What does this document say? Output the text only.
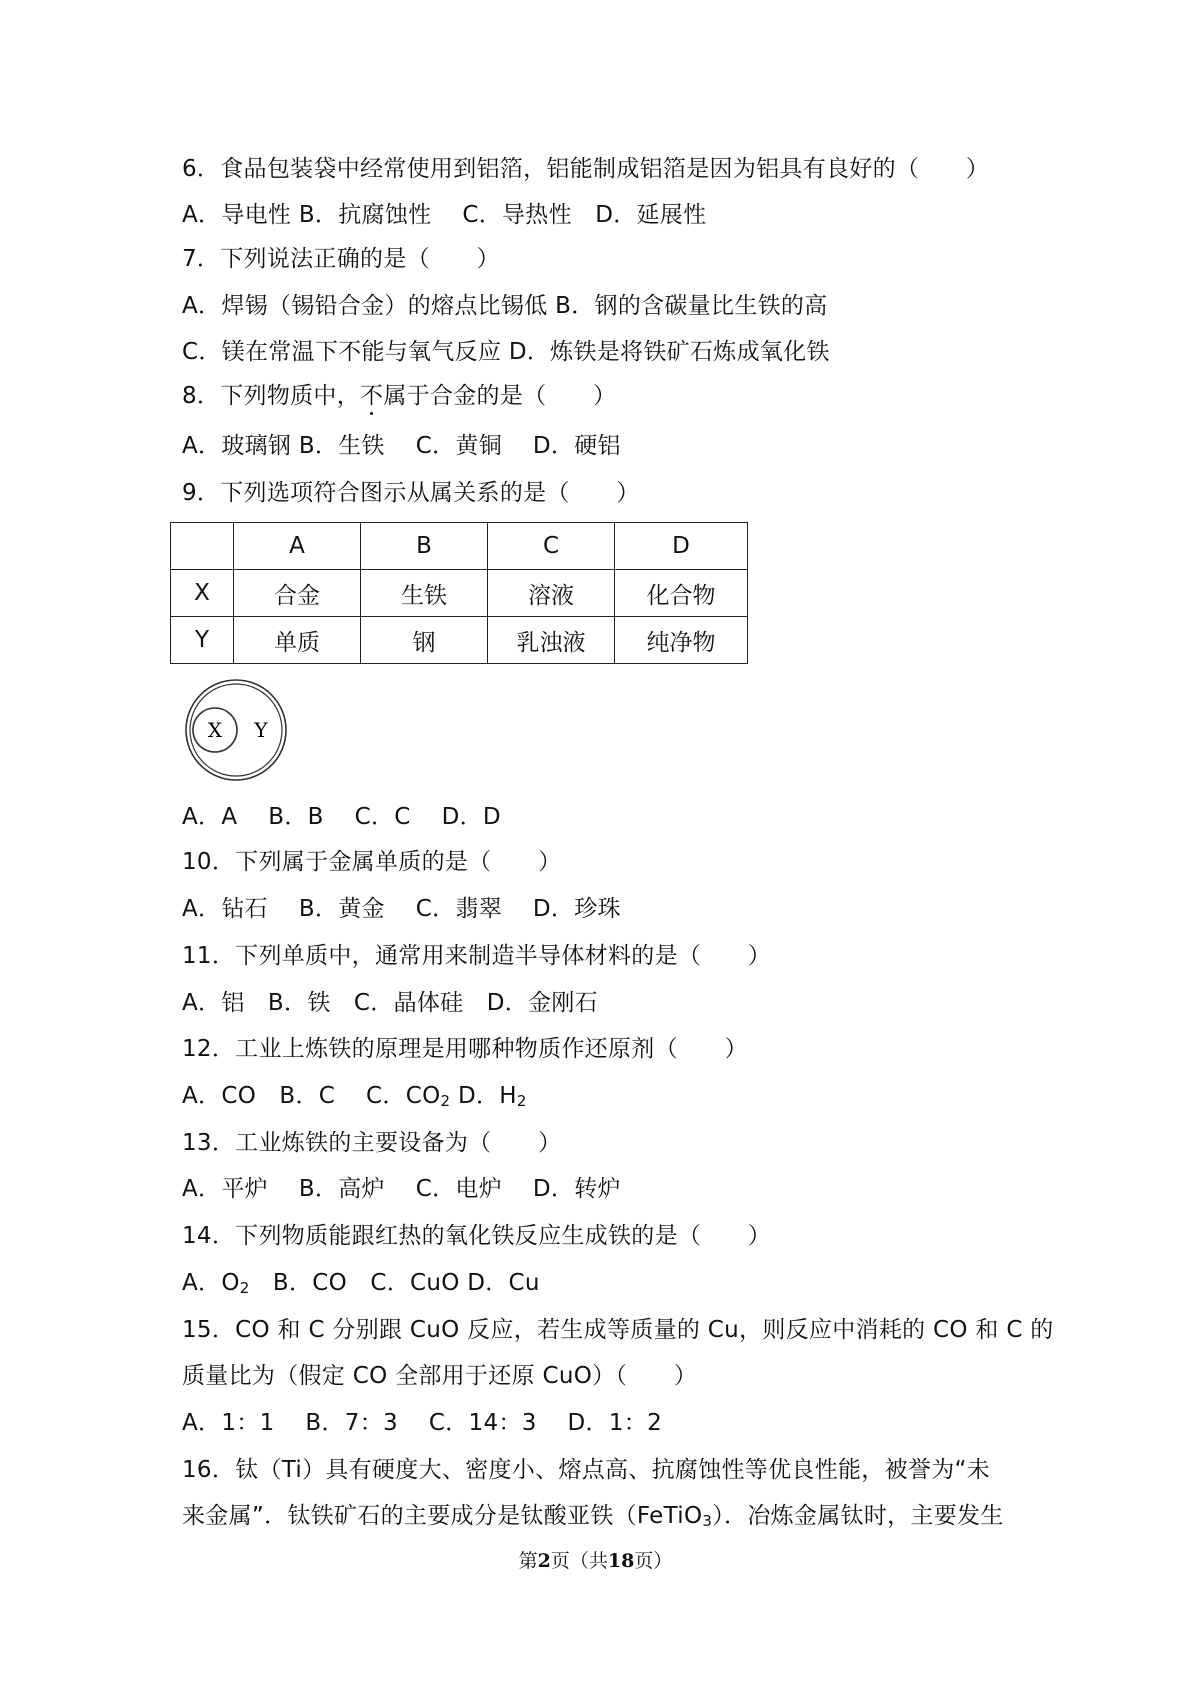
6．食品包装袋中经常使用到铝箔，铝能制成铝箔是因为铝具有良好的（　　）
A．导电性 B．抗腐蚀性　 C．导热性　D．延展性
7．下列说法正确的是（　　）
A．焊锡（锡铅合金）的熔点比锡低 B．钢的含碳量比生铁的高
C．镁在常温下不能与氧气反应 D．炼铁是将铁矿石炼成氧化铁
8．下列物质中，不属于合金的是（　　）
A．玻璃钢 B．生铁　 C．黄铜　 D．硬铝
9．下列选项符合图示从属关系的是（　　）
	A	B	C	D
X	合金	生铁	溶液	化合物
Y	单质	钢	乳浊液	纯净物
X Y
A．A　 B．B　 C．C　 D．D
10．下列属于金属单质的是（　　）
A．钻石　 B．黄金　 C．翡翠　 D．珍珠
11．下列单质中，通常用来制造半导体材料的是（　　）
A．铝　B．铁　C．晶体硅　D．金刚石
12．工业上炼铁的原理是用哪种物质作还原剂（　　）
A．CO　B．C　 C．$CO_2$ D．$H_2$
13．工业炼铁的主要设备为（　　）
A．平炉　 B．高炉　 C．电炉　 D．转炉
14．下列物质能跟红热的氧化铁反应生成铁的是（　　）
A．$O_2$　B．CO　C．CuO D．Cu
15．CO 和 C 分别跟 CuO 反应，若生成等质量的 Cu，则反应中消耗的 CO 和 C 的
质量比为（假定 CO 全部用于还原 CuO）（　　）
A．1：1　 B．7：3　 C．14：3　 D．1：2
16．钛（Ti）具有硬度大、密度小、熔点高、抗腐蚀性等优良性能，被誉为“未
来金属”．钛铁矿石的主要成分是钛酸亚铁（FeTiO$_3$）．冶炼金属钛时，主要发生
第2页（共18页）
